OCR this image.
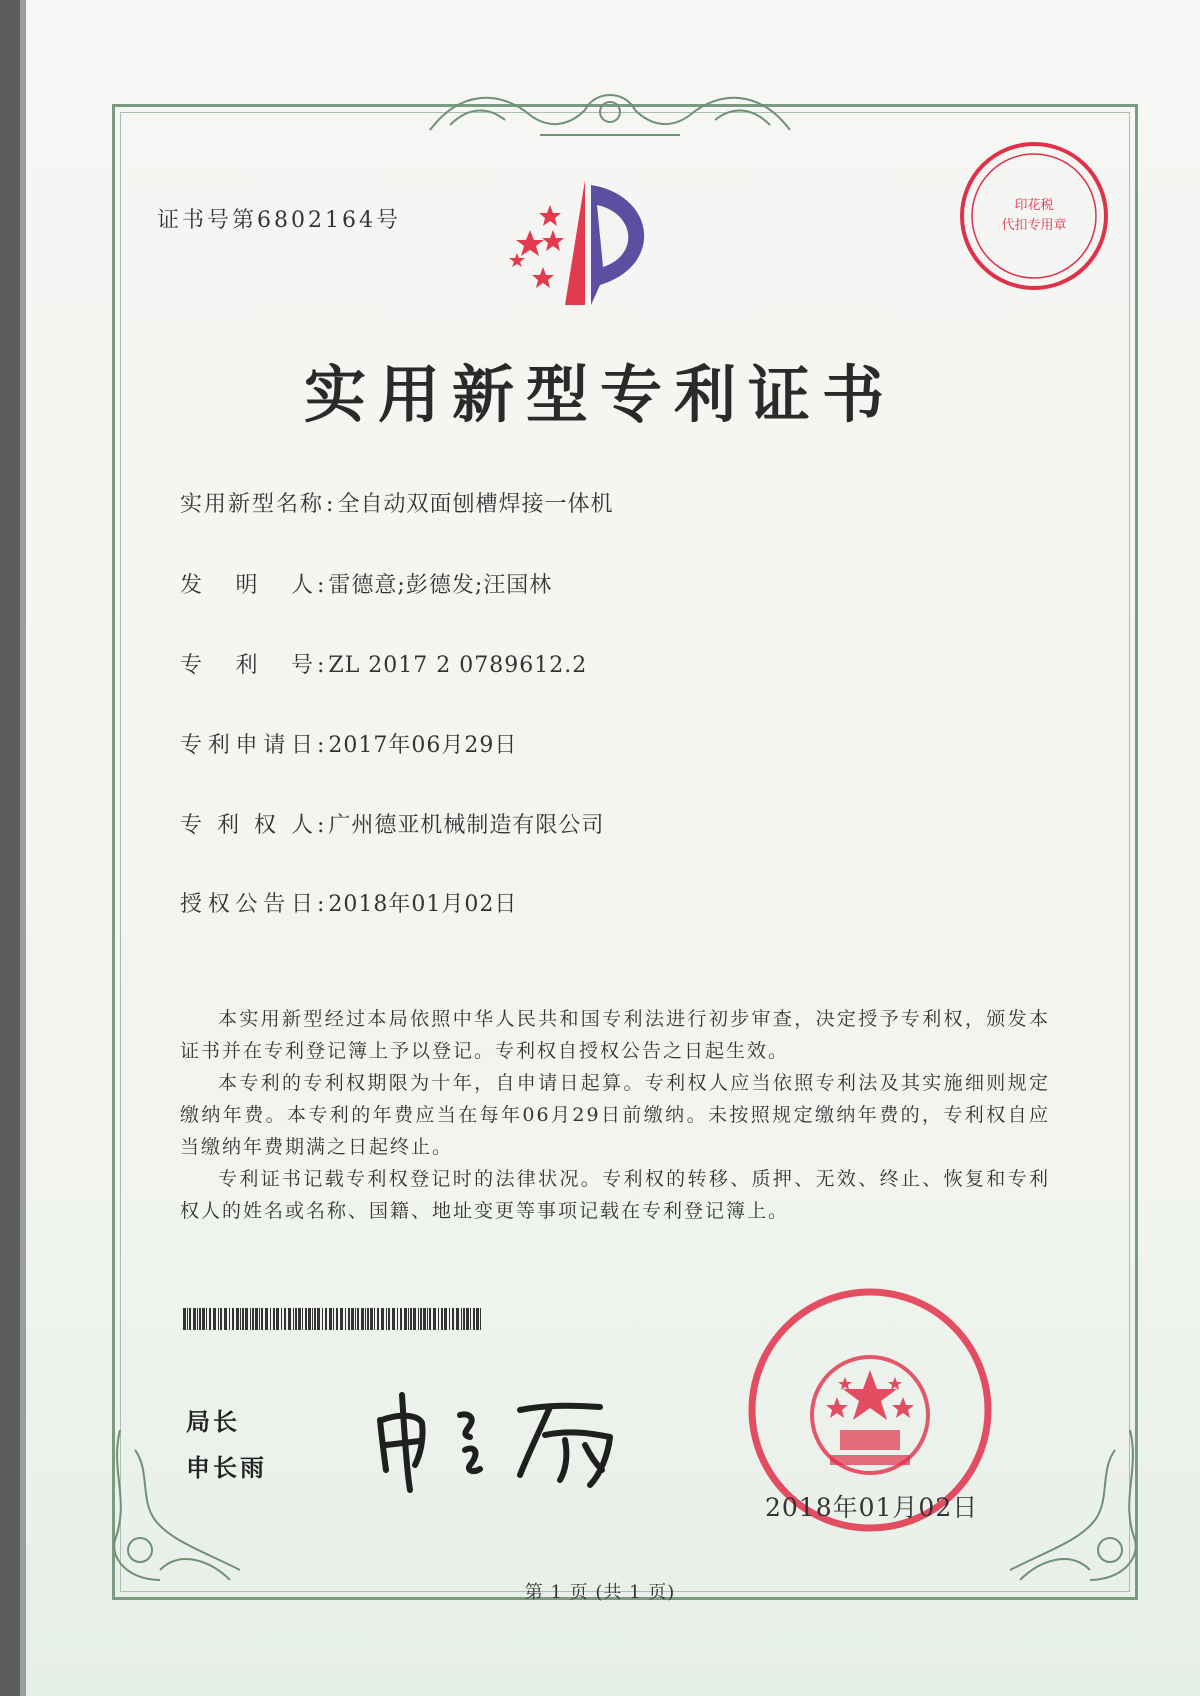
证书号第6802164号
印花税
代扣专用章
实用新型专利证书
实用新型名称: 全自动双面刨槽焊接一体机
发 明 人: 雷德意;彭德发;汪国林
专 利 号: ZL 2017 2 0789612.2
专利申请日: 2017年06月29日
专 利 权 人: 广州德亚机械制造有限公司
授权公告日: 2018年01月02日

本实用新型经过本局依照中华人民共和国专利法进行初步审查，决定授予专利权，颁发本证书并在专利登记簿上予以登记。专利权自授权公告之日起生效。

本专利的专利权期限为十年，自申请日起算。专利权人应当依照专利法及其实施细则规定缴纳年费。本专利的年费应当在每年06月29日前缴纳。未按照规定缴纳年费的，专利权自应当缴纳年费期满之日起终止。

专利证书记载专利权登记时的法律状况。专利权的转移、质押、无效、终止、恢复和专利权人的姓名或名称、国籍、地址变更等事项记载在专利登记簿上。

局长
申长雨
2018年01月02日
第 1 页 (共 1 页)
